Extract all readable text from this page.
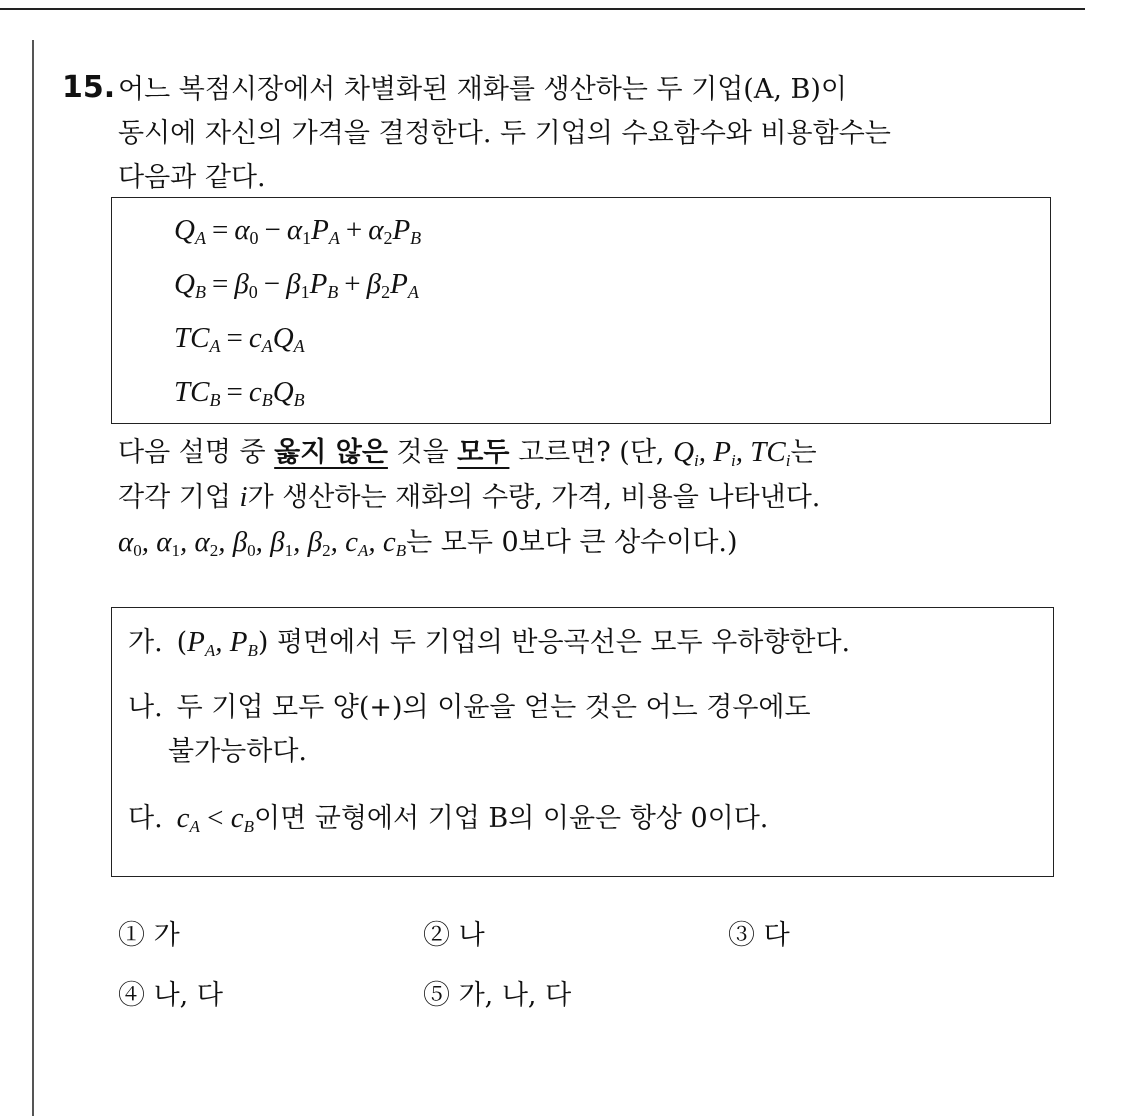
15. 어느 복점시장에서 차별화된 재화를 생산하는 두 기업(A, B)이
동시에 자신의 가격을 결정한다. 두 기업의 수요함수와 비용함수는
다음과 같다.
$Q_A = \alpha_0 - \alpha_1P_A + \alpha_2P_B$
$Q_B = \beta_0 - \beta_1P_B + \beta_2P_A$
$TC_A = c_AQ_A$
$TC_B = c_BQ_B$
다음 설명 중 옳지 않은 것을 모두 고르면? (단, $Q_i$, $P_i$, $TC_i$는
각각 기업 i가 생산하는 재화의 수량, 가격, 비용을 나타낸다.
$\alpha_0$, $\alpha_1$, $\alpha_2$, $\beta_0$, $\beta_1$, $\beta_2$, $c_A$, $c_B$는 모두 0보다 큰 상수이다.)
가. ($P_A$, $P_B$) 평면에서 두 기업의 반응곡선은 모두 우하향한다.
나. 두 기업 모두 양(+)의 이윤을 얻는 것은 어느 경우에도
불가능하다.
다. $c_A < c_B$이면 균형에서 기업 B의 이윤은 항상 0이다.
① 가	② 나	③ 다
④ 나, 다	⑤ 가, 나, 다
